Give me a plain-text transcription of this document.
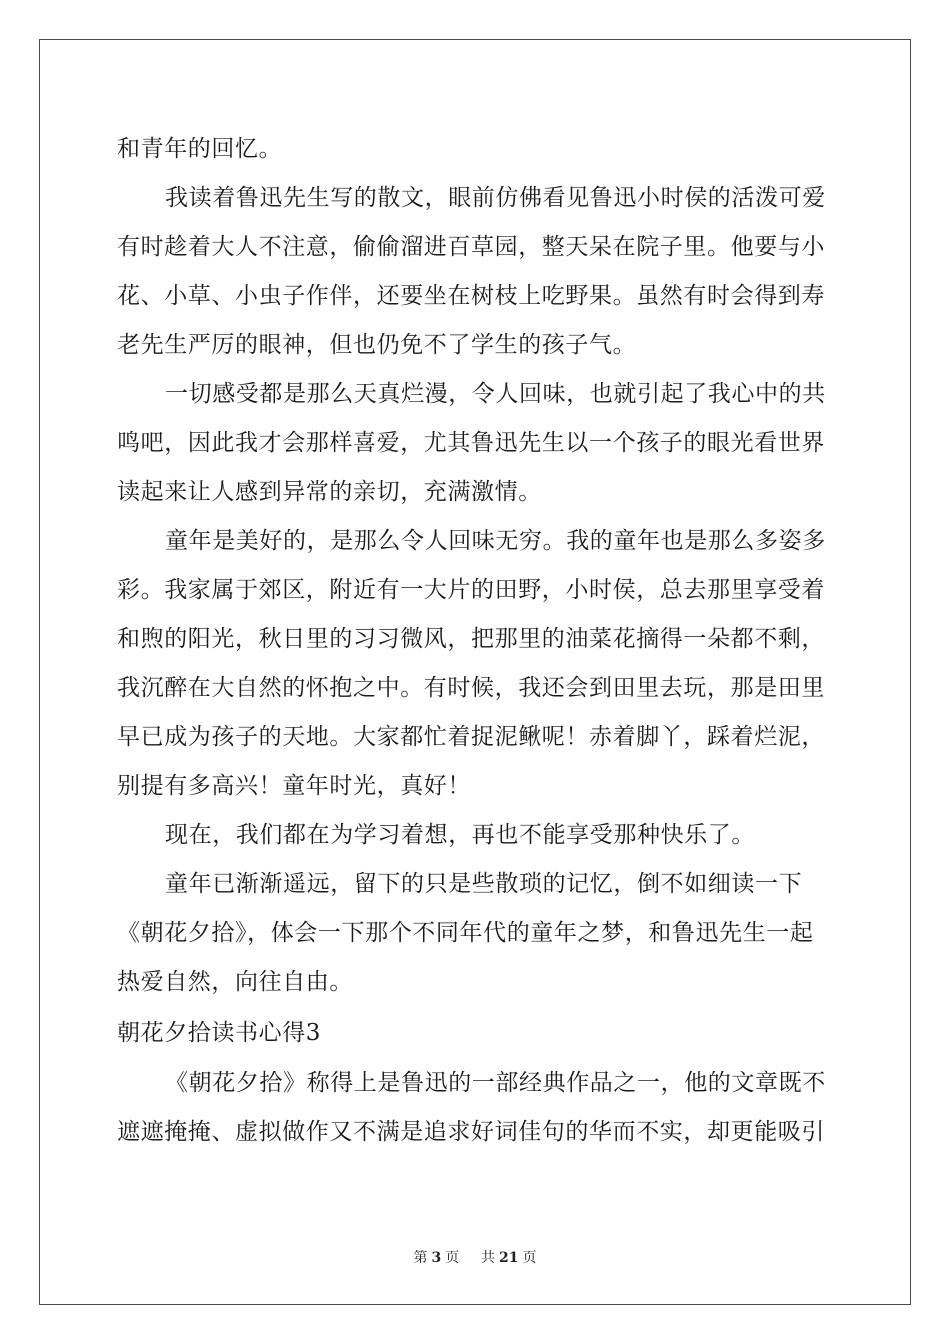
和青年的回忆。
我读着鲁迅先生写的散文，眼前仿佛看见鲁迅小时侯的活泼可爱
有时趁着大人不注意，偷偷溜进百草园，整天呆在院子里。他要与小
花、小草、小虫子作伴，还要坐在树枝上吃野果。虽然有时会得到寿
老先生严厉的眼神，但也仍免不了学生的孩子气。
一切感受都是那么天真烂漫，令人回味，也就引起了我心中的共
鸣吧，因此我才会那样喜爱，尤其鲁迅先生以一个孩子的眼光看世界
读起来让人感到异常的亲切，充满激情。
童年是美好的，是那么令人回味无穷。我的童年也是那么多姿多
彩。我家属于郊区，附近有一大片的田野，小时侯，总去那里享受着
和煦的阳光，秋日里的习习微风，把那里的油菜花摘得一朵都不剩，
我沉醉在大自然的怀抱之中。有时候，我还会到田里去玩，那是田里
早已成为孩子的天地。大家都忙着捉泥鳅呢！赤着脚丫，踩着烂泥，
别提有多高兴！童年时光，真好！
现在，我们都在为学习着想，再也不能享受那种快乐了。
童年已渐渐遥远，留下的只是些散琐的记忆，倒不如细读一下
《朝花夕拾》，体会一下那个不同年代的童年之梦，和鲁迅先生一起
热爱自然，向往自由。
朝花夕拾读书心得3
《朝花夕拾》称得上是鲁迅的一部经典作品之一，他的文章既不
遮遮掩掩、虚拟做作又不满是追求好词佳句的华而不实，却更能吸引
第 3 页 共 21 页
